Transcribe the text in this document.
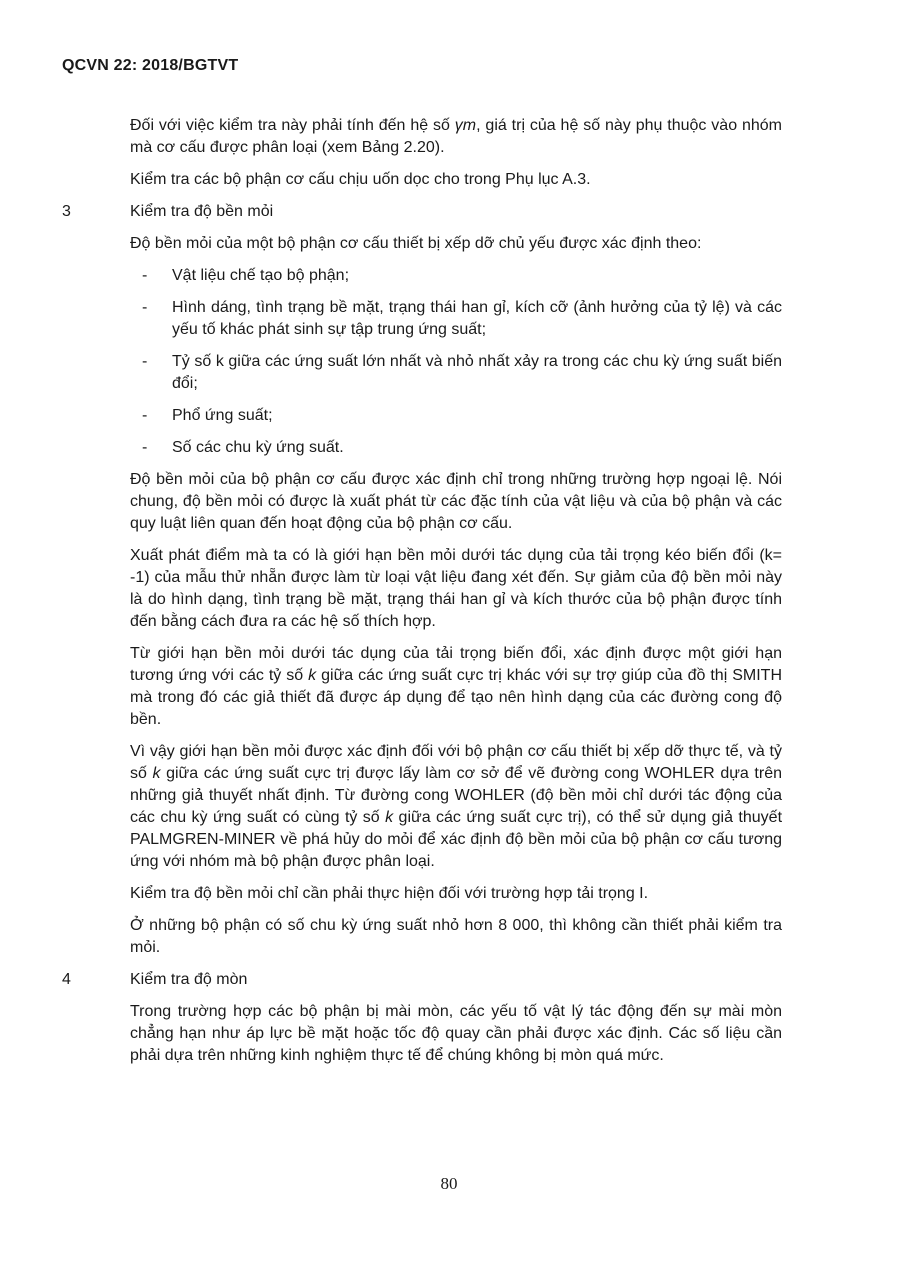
QCVN 22: 2018/BGTVT

Đối với việc kiểm tra này phải tính đến hệ số γm, giá trị của hệ số này phụ thuộc vào nhóm mà cơ cấu được phân loại (xem Bảng 2.20).

Kiểm tra các bộ phận cơ cấu chịu uốn dọc cho trong Phụ lục A.3.

3	Kiểm tra độ bền mỏi

Độ bền mỏi của một bộ phận cơ cấu thiết bị xếp dỡ chủ yếu được xác định theo:

- Vật liệu chế tạo bộ phận;
- Hình dáng, tình trạng bề mặt, trạng thái han gỉ, kích cỡ (ảnh hưởng của tỷ lệ) và các yếu tố khác phát sinh sự tập trung ứng suất;
- Tỷ số k giữa các ứng suất lớn nhất và nhỏ nhất xảy ra trong các chu kỳ ứng suất biến đổi;
- Phổ ứng suất;
- Số các chu kỳ ứng suất.

Độ bền mỏi của bộ phận cơ cấu được xác định chỉ trong những trường hợp ngoại lệ. Nói chung, độ bền mỏi có được là xuất phát từ các đặc tính của vật liệu và của bộ phận và các quy luật liên quan đến hoạt động của bộ phận cơ cấu.

Xuất phát điểm mà ta có là giới hạn bền mỏi dưới tác dụng của tải trọng kéo biến đổi (k= -1) của mẫu thử nhẵn được làm từ loại vật liệu đang xét đến. Sự giảm của độ bền mỏi này là do hình dạng, tình trạng bề mặt, trạng thái han gỉ và kích thước của bộ phận được tính đến bằng cách đưa ra các hệ số thích hợp.

Từ giới hạn bền mỏi dưới tác dụng của tải trọng biến đổi, xác định được một giới hạn tương ứng với các tỷ số k giữa các ứng suất cực trị khác với sự trợ giúp của đồ thị SMITH mà trong đó các giả thiết đã được áp dụng để tạo nên hình dạng của các đường cong độ bền.

Vì vậy giới hạn bền mỏi được xác định đối với bộ phận cơ cấu thiết bị xếp dỡ thực tế, và tỷ số k giữa các ứng suất cực trị được lấy làm cơ sở để vẽ đường cong WOHLER dựa trên những giả thuyết nhất định. Từ đường cong WOHLER (độ bền mỏi chỉ dưới tác động của các chu kỳ ứng suất có cùng tỷ số k giữa các ứng suất cực trị), có thể sử dụng giả thuyết PALMGREN-MINER về phá hủy do mỏi để xác định độ bền mỏi của bộ phận cơ cấu tương ứng với nhóm mà bộ phận được phân loại.

Kiểm tra độ bền mỏi chỉ cần phải thực hiện đối với trường hợp tải trọng I.

Ở những bộ phận có số chu kỳ ứng suất nhỏ hơn 8 000, thì không cần thiết phải kiểm tra mỏi.

4	Kiểm tra độ mòn

Trong trường hợp các bộ phận bị mài mòn, các yếu tố vật lý tác động đến sự mài mòn chẳng hạn như áp lực bề mặt hoặc tốc độ quay cần phải được xác định. Các số liệu cần phải dựa trên những kinh nghiệm thực tế để chúng không bị mòn quá mức.

80
